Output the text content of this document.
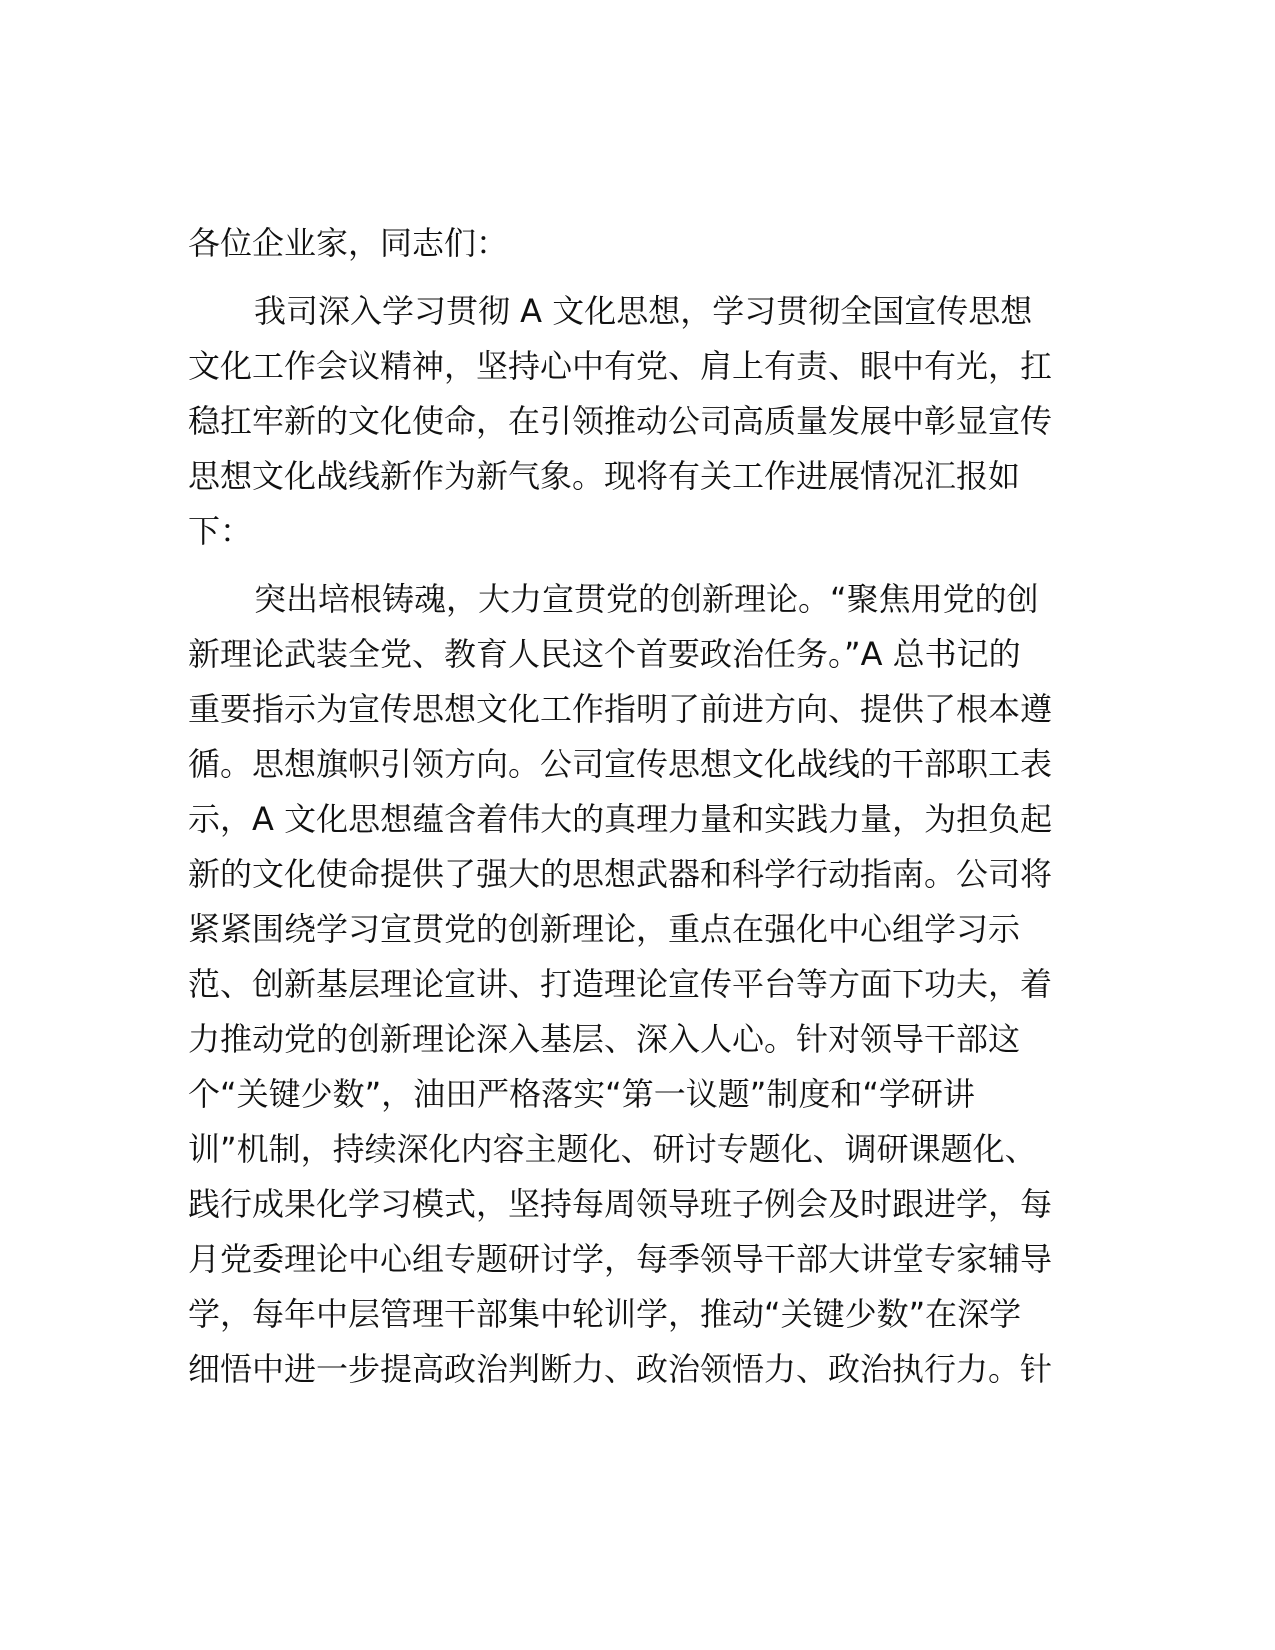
各位企业家，同志们：
我司深入学习贯彻 A 文化思想，学习贯彻全国宣传思想
文化工作会议精神，坚持心中有党、肩上有责、眼中有光，扛
稳扛牢新的文化使命，在引领推动公司高质量发展中彰显宣传
思想文化战线新作为新气象。现将有关工作进展情况汇报如
下：
突出培根铸魂，大力宣贯党的创新理论。“聚焦用党的创
新理论武装全党、教育人民这个首要政治任务。”A 总书记的
重要指示为宣传思想文化工作指明了前进方向、提供了根本遵
循。思想旗帜引领方向。公司宣传思想文化战线的干部职工表
示，A 文化思想蕴含着伟大的真理力量和实践力量，为担负起
新的文化使命提供了强大的思想武器和科学行动指南。公司将
紧紧围绕学习宣贯党的创新理论，重点在强化中心组学习示
范、创新基层理论宣讲、打造理论宣传平台等方面下功夫，着
力推动党的创新理论深入基层、深入人心。针对领导干部这
个“关键少数”，油田严格落实“第一议题”制度和“学研讲
训”机制，持续深化内容主题化、研讨专题化、调研课题化、
践行成果化学习模式，坚持每周领导班子例会及时跟进学，每
月党委理论中心组专题研讨学，每季领导干部大讲堂专家辅导
学，每年中层管理干部集中轮训学，推动“关键少数”在深学
细悟中进一步提高政治判断力、政治领悟力、政治执行力。针
